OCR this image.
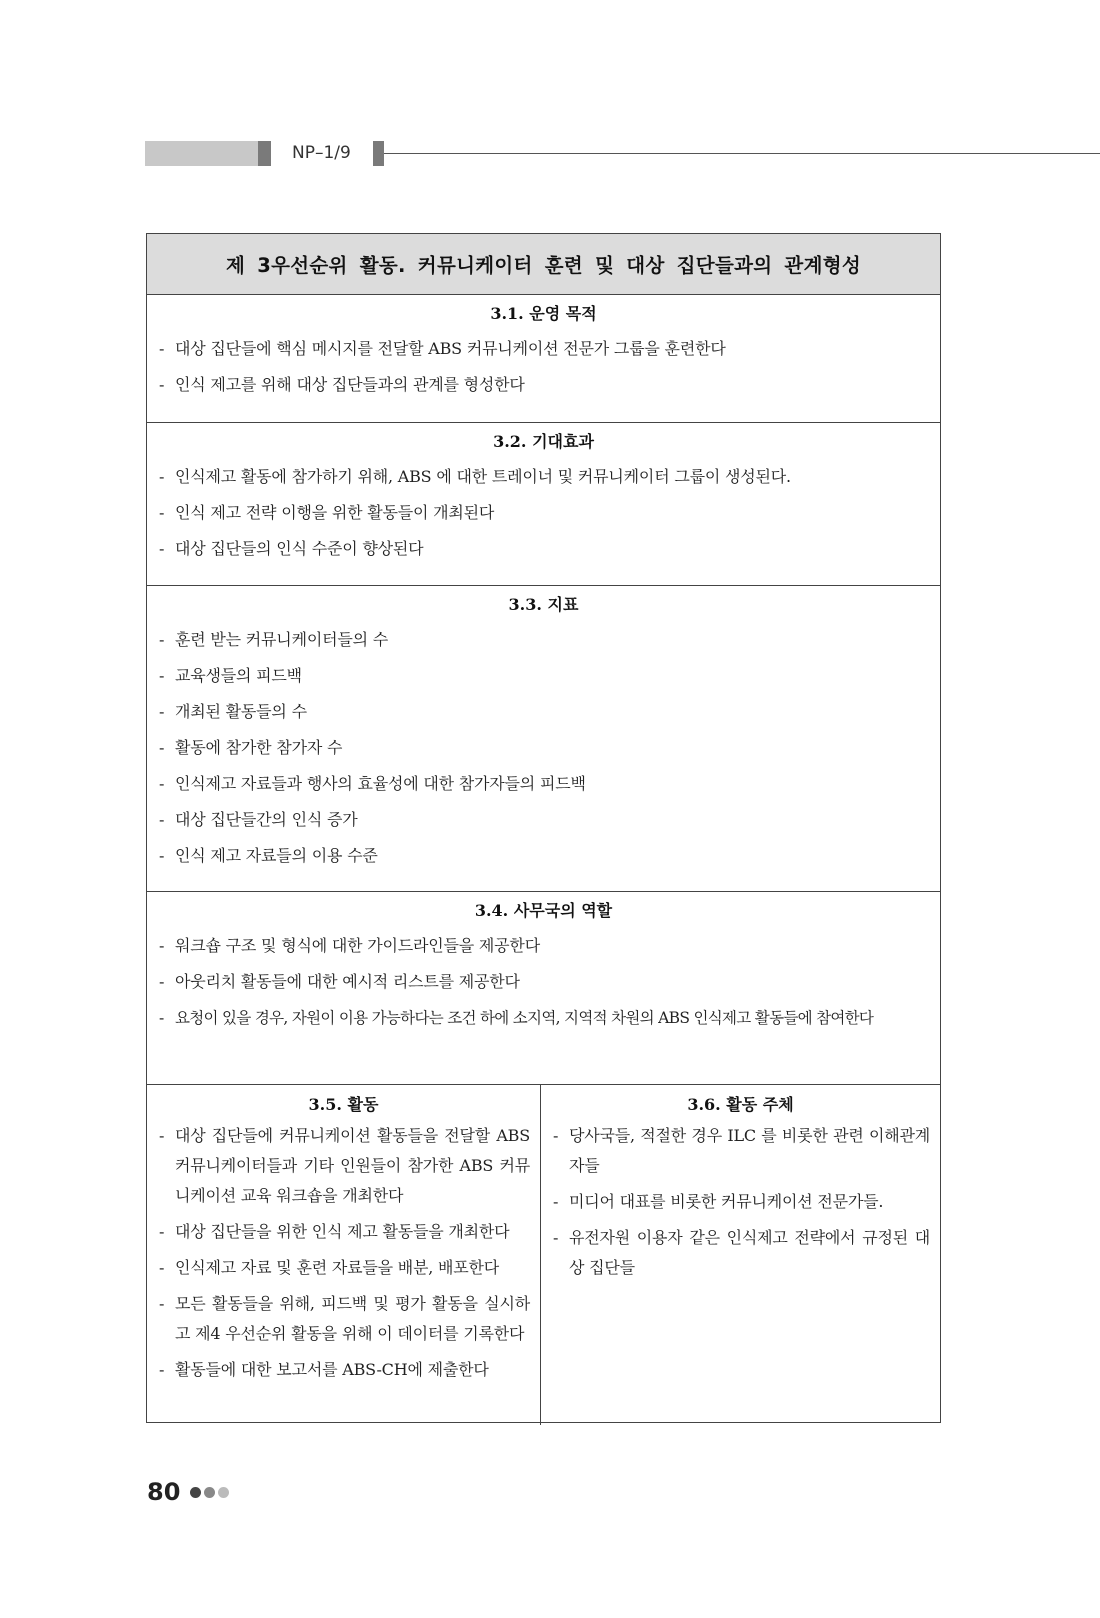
NP–1/9
제 3우선순위 활동. 커뮤니케이터 훈련 및 대상 집단들과의 관계형성
3.1. 운영 목적
- 대상 집단들에 핵심 메시지를 전달할 ABS 커뮤니케이션 전문가 그룹을 훈련한다
- 인식 제고를 위해 대상 집단들과의 관계를 형성한다
3.2. 기대효과
- 인식제고 활동에 참가하기 위해, ABS 에 대한 트레이너 및 커뮤니케이터 그룹이 생성된다.
- 인식 제고 전략 이행을 위한 활동들이 개최된다
- 대상 집단들의 인식 수준이 향상된다
3.3. 지표
- 훈련 받는 커뮤니케이터들의 수
- 교육생들의 피드백
- 개최된 활동들의 수
- 활동에 참가한 참가자 수
- 인식제고 자료들과 행사의 효율성에 대한 참가자들의 피드백
- 대상 집단들간의 인식 증가
- 인식 제고 자료들의 이용 수준
3.4. 사무국의 역할
- 워크숍 구조 및 형식에 대한 가이드라인들을 제공한다
- 아웃리치 활동들에 대한 예시적 리스트를 제공한다
- 요청이 있을 경우, 자원이 이용 가능하다는 조건 하에 소지역, 지역적 차원의 ABS 인식제고 활동들에 참여한다
3.5. 활동
- 대상 집단들에 커뮤니케이션 활동들을 전달할 ABS 커뮤니케이터들과 기타 인원들이 참가한 ABS 커뮤니케이션 교육 워크숍을 개최한다
- 대상 집단들을 위한 인식 제고 활동들을 개최한다
- 인식제고 자료 및 훈련 자료들을 배분, 배포한다
- 모든 활동들을 위해, 피드백 및 평가 활동을 실시하고 제4 우선순위 활동을 위해 이 데이터를 기록한다
- 활동들에 대한 보고서를 ABS-CH에 제출한다
3.6. 활동 주체
- 당사국들, 적절한 경우 ILC 를 비롯한 관련 이해관계자들
- 미디어 대표를 비롯한 커뮤니케이션 전문가들.
- 유전자원 이용자 같은 인식제고 전략에서 규정된 대상 집단들
80
